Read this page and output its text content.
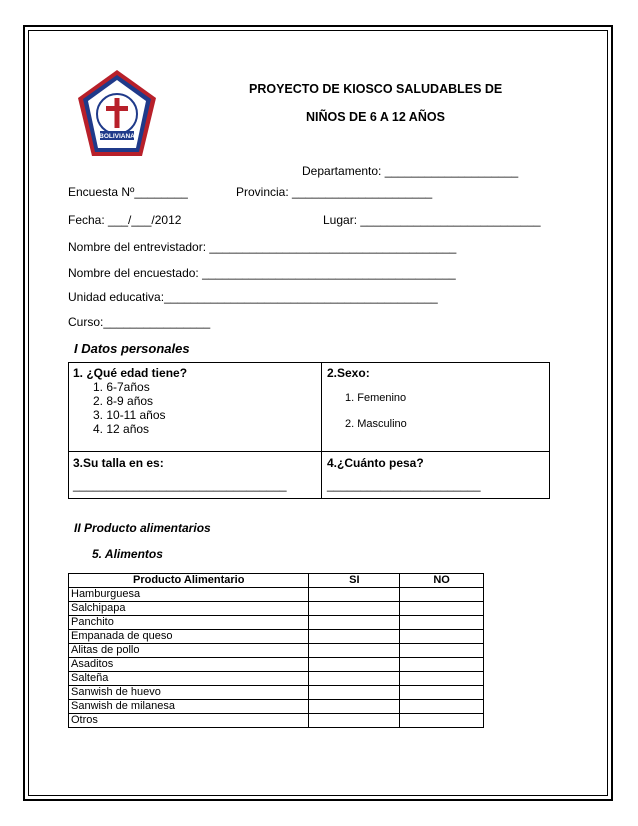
BOLIVIANA
PROYECTO DE KIOSCO SALUDABLES DE
NIÑOS DE 6 A 12 AÑOS
Departamento: ____________________
Encuesta Nº________	Provincia: _____________________
Fecha: ___/___/2012	Lugar: ___________________________
Nombre del entrevistador: _____________________________________
Nombre del encuestado: ______________________________________
Unidad educativa:_________________________________________
Curso:________________
I Datos personales
1. ¿Qué edad tiene?
1. 6-7años
2. 8-9 años
3. 10-11 años
4. 12 años
2.Sexo:
1. Femenino
2. Masculino
3.Su talla en es:
________________________________
4.¿Cuánto pesa?
_______________________
II Producto alimentarios
5. Alimentos
Producto Alimentario	SI	NO
Hamburguesa		
Salchipapa		
Panchito		
Empanada de queso		
Alitas de pollo		
Asaditos		
Salteña		
Sanwish de huevo		
Sanwish de milanesa		
Otros		
